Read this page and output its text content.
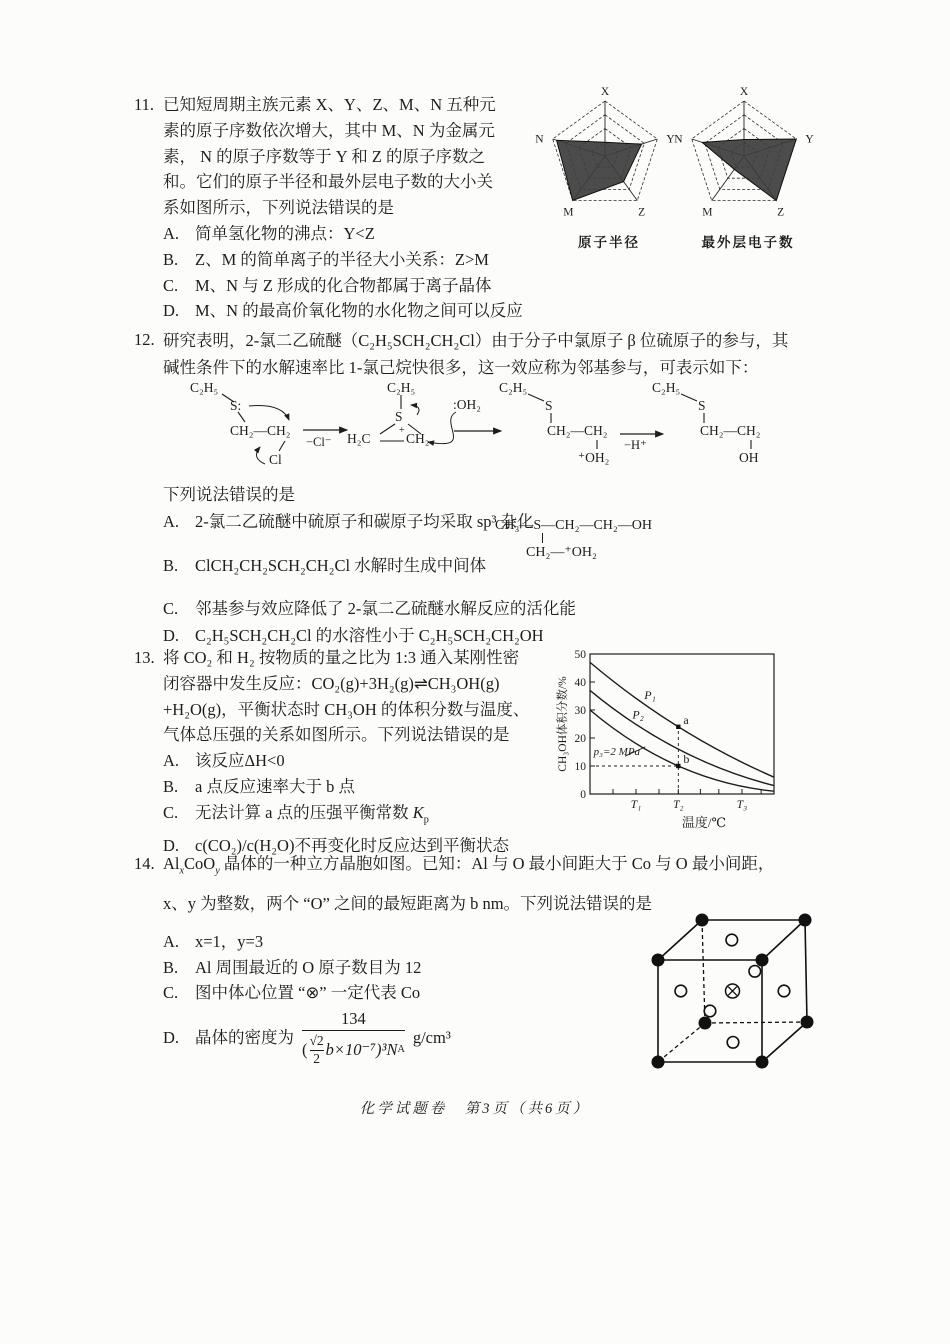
11. 已知短周期主族元素 X、Y、Z、M、N 五种元
素的原子序数依次增大，其中 M、N 为金属元
素， N 的原子序数等于 Y 和 Z 的原子序数之
和。它们的原子半径和最外层电子数的大小关
系如图所示，下列说法错误的是
A. 简单氢化物的沸点：Y<Z
B.	Z、M 的简单离子的半径大小关系：Z>M
C.	M、N 与 Z 形成的化合物都属于离子晶体
D. M、N 的最高价氧化物的水化物之间可以反应
X
Y
Z
M
N
原子半径
X
Y
Z
M
N
最外层电子数
12. 研究表明，2-氯二乙硫醚（C₂H₅SCH₂CH₂Cl）由于分子中氯原子 β 位硫原子的参与，其
碱性条件下的水解速率比 1-氯己烷快很多，这一效应称为邻基参与，可表示如下：
C₂H₅
S:
CH₂—CH₂
Cl
−Cl⁻
C₂H₅
S
+
H₂C	CH₂
:OH₂
C₂H₅
S
CH₂—CH₂
⁺OH₂
−H⁺
C₂H₅
S
CH₂—CH₂
OH
下列说法错误的是
A. 2-氯二乙硫醚中硫原子和碳原子均采取 sp³ 杂化
B.	ClCH₂CH₂SCH₂CH₂Cl 水解时生成中间体
CH₃—S—CH₂—CH₂—OH
CH₂—⁺OH₂
C.	邻基参与效应降低了 2-氯二乙硫醚水解反应的活化能
D. C₂H₅SCH₂CH₂Cl 的水溶性小于 C₂H₅SCH₂CH₂OH
13. 将 CO₂ 和 H₂ 按物质的量之比为 1:3 通入某刚性密
闭容器中发生反应：CO₂(g)+3H₂(g)⇌CH₃OH(g)
+H₂O(g)，平衡状态时 CH₃OH 的体积分数与温度、
气体总压强的关系如图所示。下列说法错误的是
A. 该反应ΔH<0
B.	a 点反应速率大于 b 点
C.	无法计算 a 点的压强平衡常数 $K_p$
D. c(CO₂)/c(H₂O)不再变化时反应达到平衡状态
0
10
20
30
40
50
T₁	T₂	T₃
P₁
P₂
p₃=2 MPa
a
b
温度/℃
CH₃OH体积分数/%
14. $Al_xCoO_y$ 晶体的一种立方晶胞如图。已知：Al 与 O 最小间距大于 Co 与 O 最小间距，
x、y 为整数，两个 “O” 之间的最短距离为 b nm。下列说法错误的是
A. x=1，y=3
B.	Al 周围最近的 O 原子数目为 12
C.	图中体心位置 “⊗” 一定代表 Co
D. 晶体的密度为
134
( √2
2 b×10⁻⁷)³N A
g/cm³
化学试题卷　第3页（共6页）
